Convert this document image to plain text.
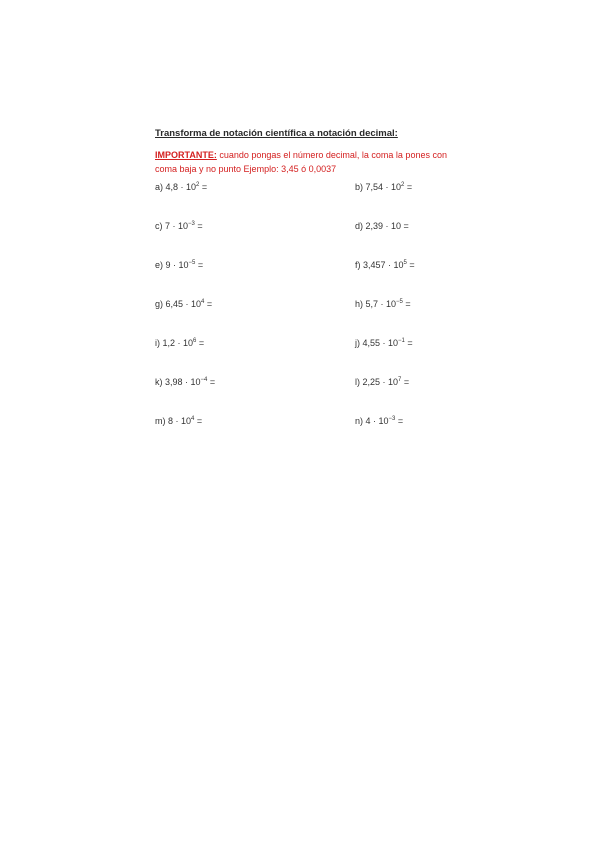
Transforma de notación científica a notación decimal:
IMPORTANTE: cuando pongas el número decimal, la coma la pones con coma baja y no punto Ejemplo: 3,45 ó 0,0037
a) $4,8 \cdot 10^2$ =	b) $7,54 \cdot 10^2$ =
c) $7 \cdot 10^{-3}$ =	d) 2,39 · 10 =
e) $9 \cdot 10^{-5}$ =	f) $3,457 \cdot 10^5$ =
g) $6,45 \cdot 10^4$ =	h) $5,7 \cdot 10^{-5}$ =
i) $1,2 \cdot 10^6$ =	j) $4,55 \cdot 10^{-1}$ =
k) $3,98 \cdot 10^{-4}$ =	l) $2,25 \cdot 10^7$ =
m) $8 \cdot 10^4$ =	n) $4 \cdot 10^{-3}$ =
